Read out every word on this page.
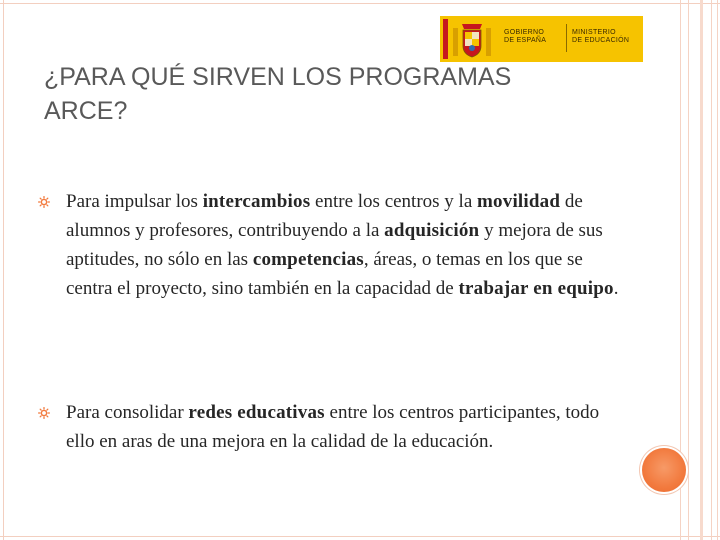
GOBIERNO
DE ESPAÑA
MINISTERIO
DE EDUCACIÓN
¿PARA QUÉ SIRVEN LOS PROGRAMAS
ARCE?

Para impulsar los intercambios entre los centros y la movilidad de alumnos y profesores, contribuyendo a la adquisición y mejora de sus aptitudes, no sólo en las competencias, áreas, o temas en los que se centra el proyecto, sino también en la capacidad de trabajar en equipo.

Para consolidar redes educativas entre los centros participantes, todo ello en aras de una mejora en la calidad de la educación.
